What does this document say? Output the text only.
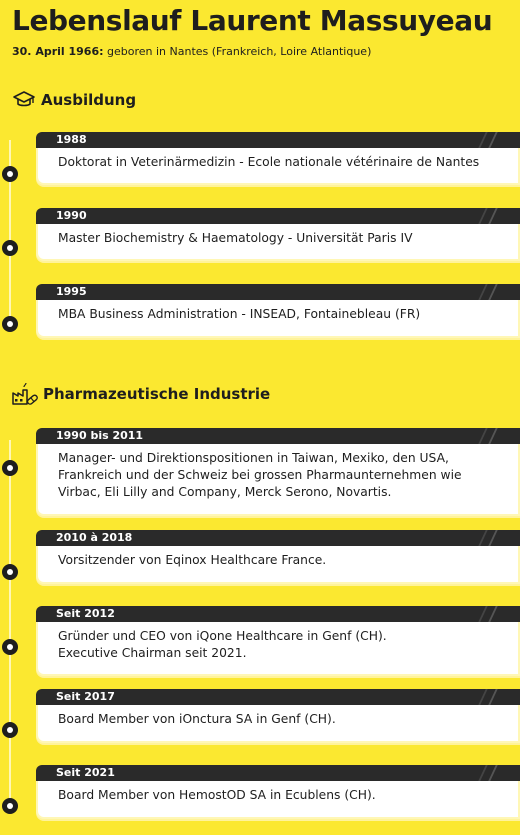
Lebenslauf Laurent Massuyeau
30. April 1966: geboren in Nantes (Frankreich, Loire Atlantique)
Ausbildung
1988
Doktorat in Veterinärmedizin - Ecole nationale vétérinaire de Nantes
1990
Master Biochemistry & Haematology - Universität Paris IV
1995
MBA Business Administration - INSEAD, Fontainebleau (FR)
Pharmazeutische Industrie
1990 bis 2011
Manager- und Direktionspositionen in Taiwan, Mexiko, den USA,
Frankreich und der Schweiz bei grossen Pharmaunternehmen wie
Virbac, Eli Lilly and Company, Merck Serono, Novartis.
2010 à 2018
Vorsitzender von Eqinox Healthcare France.
Seit 2012
Gründer und CEO von iQone Healthcare in Genf (CH).
Executive Chairman seit 2021.
Seit 2017
Board Member von iOnctura SA in Genf (CH).
Seit 2021
Board Member von HemostOD SA in Ecublens (CH).
